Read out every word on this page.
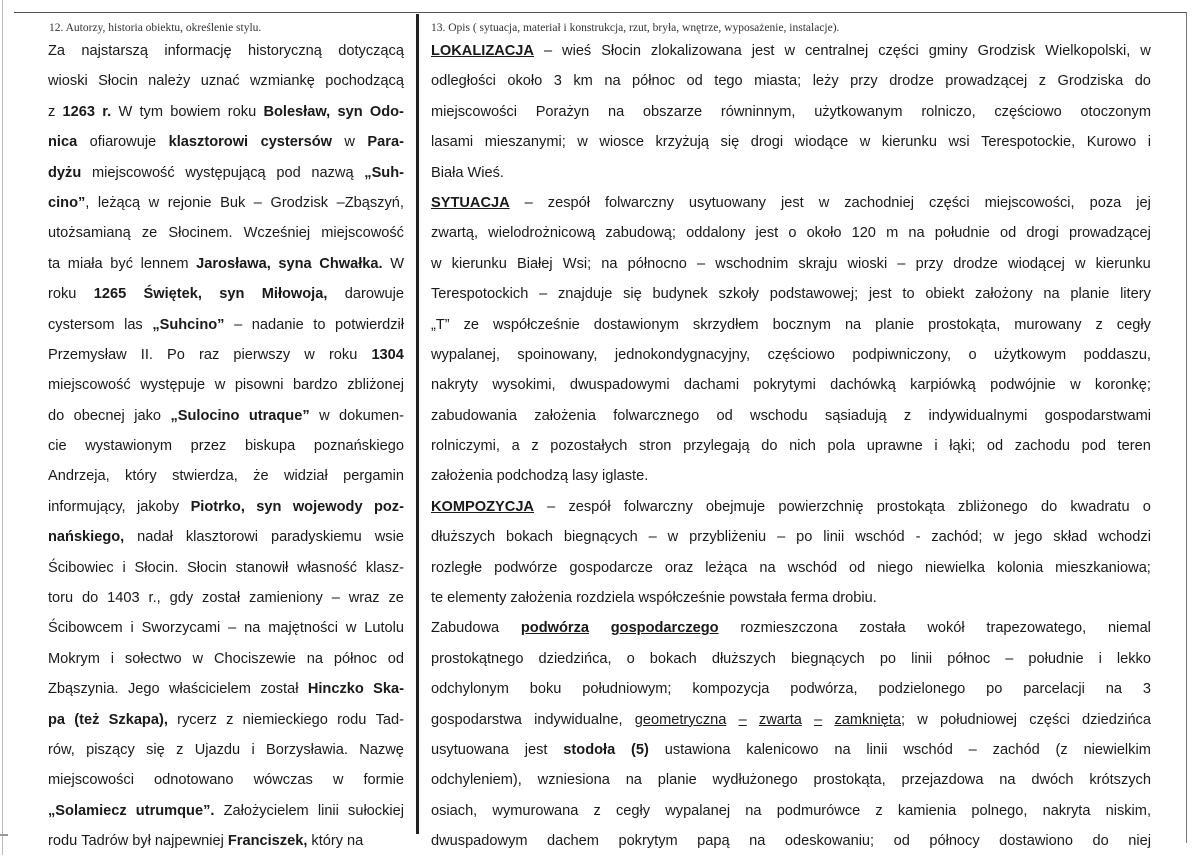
12. Autorzy, historia obiektu, określenie stylu.
Za najstarszą informację historyczną dotyczącą
wioski Słocin należy uznać wzmiankę pochodzącą
z 1263 r. W tym bowiem roku Bolesław, syn Odo-
nica ofiarowuje klasztorowi cystersów w Para-
dyżu miejscowość występującą pod nazwą „Suh-
cino”, leżącą w rejonie Buk – Grodzisk –Zbąszyń,
utożsamianą ze Słocinem. Wcześniej miejscowość
ta miała być lennem Jarosława, syna Chwałka. W
roku 1265 Świętek, syn Miłowoja, darowuje
cystersom las „Suhcino” – nadanie to potwierdził
Przemysław II. Po raz pierwszy w roku 1304
miejscowość występuje w pisowni bardzo zbliżonej
do obecnej jako „Sulocino utraque” w dokumen-
cie wystawionym przez biskupa poznańskiego
Andrzeja, który stwierdza, że widział pergamin
informujący, jakoby Piotrko, syn wojewody poz-
nańskiego, nadał klasztorowi paradyskiemu wsie
Ścibowiec i Słocin. Słocin stanowił własność klasz-
toru do 1403 r., gdy został zamieniony – wraz ze
Ścibowcem i Sworzycami – na majętności w Lutolu
Mokrym i sołectwo w Chociszewie na północ od
Zbąszynia. Jego właścicielem został Hinczko Ska-
pa (też Szkapa), rycerz z niemieckiego rodu Tad-
rów, piszący się z Ujazdu i Borzysławia. Nazwę
miejscowości odnotowano wówczas w formie
„Solamiecz utrumque”. Założycielem linii sułockiej
rodu Tadrów był najpewniej Franciszek, który na
13. Opis ( sytuacja, materiał i konstrukcja, rzut, bryła, wnętrze, wyposażenie, instalacje).
LOKALIZACJA – wieś Słocin zlokalizowana jest w centralnej części gminy Grodzisk Wielkopolski, w
odległości około 3 km na północ od tego miasta; leży przy drodze prowadzącej z Grodziska do
miejscowości Porażyn na obszarze równinnym, użytkowanym rolniczo, częściowo otoczonym
lasami mieszanymi; w wiosce krzyżują się drogi wiodące w kierunku wsi Terespotockie, Kurowo i
Biała Wieś.
SYTUACJA – zespół folwarczny usytuowany jest w zachodniej części miejscowości, poza jej
zwartą, wielodrożnicową zabudową; oddalony jest o około 120 m na południe od drogi prowadzącej
w kierunku Białej Wsi; na północno – wschodnim skraju wioski – przy drodze wiodącej w kierunku
Terespotockich – znajduje się budynek szkoły podstawowej; jest to obiekt założony na planie litery
„T” ze współcześnie dostawionym skrzydłem bocznym na planie prostokąta, murowany z cegły
wypalanej, spoinowany, jednokondygnacyjny, częściowo podpiwniczony, o użytkowym poddaszu,
nakryty wysokimi, dwuspadowymi dachami pokrytymi dachówką karpiówką podwójnie w koronkę;
zabudowania założenia folwarcznego od wschodu sąsiadują z indywidualnymi gospodarstwami
rolniczymi, a z pozostałych stron przylegają do nich pola uprawne i łąki; od zachodu pod teren
założenia podchodzą lasy iglaste.
KOMPOZYCJA – zespół folwarczny obejmuje powierzchnię prostokąta zbliżonego do kwadratu o
dłuższych bokach biegnących – w przybliżeniu – po linii wschód - zachód; w jego skład wchodzi
rozległe podwórze gospodarcze oraz leżąca na wschód od niego niewielka kolonia mieszkaniowa;
te elementy założenia rozdziela współcześnie powstała ferma drobiu.
Zabudowa podwórza gospodarczego rozmieszczona została wokół trapezowatego, niemal
prostokątnego dziedzińca, o bokach dłuższych biegnących po linii północ – południe i lekko
odchylonym boku południowym; kompozycja podwórza, podzielonego po parcelacji na 3
gospodarstwa indywidualne, geometryczna – zwarta – zamknięta; w południowej części dziedzińca
usytuowana jest stodoła (5) ustawiona kalenicowo na linii wschód – zachód (z niewielkim
odchyleniem), wzniesiona na planie wydłużonego prostokąta, przejazdowa na dwóch krótszych
osiach, wymurowana z cegły wypalanej na podmurówce z kamienia polnego, nakryta niskim,
dwuspadowym dachem pokrytym papą na odeskowaniu; od północy dostawiono do niej
